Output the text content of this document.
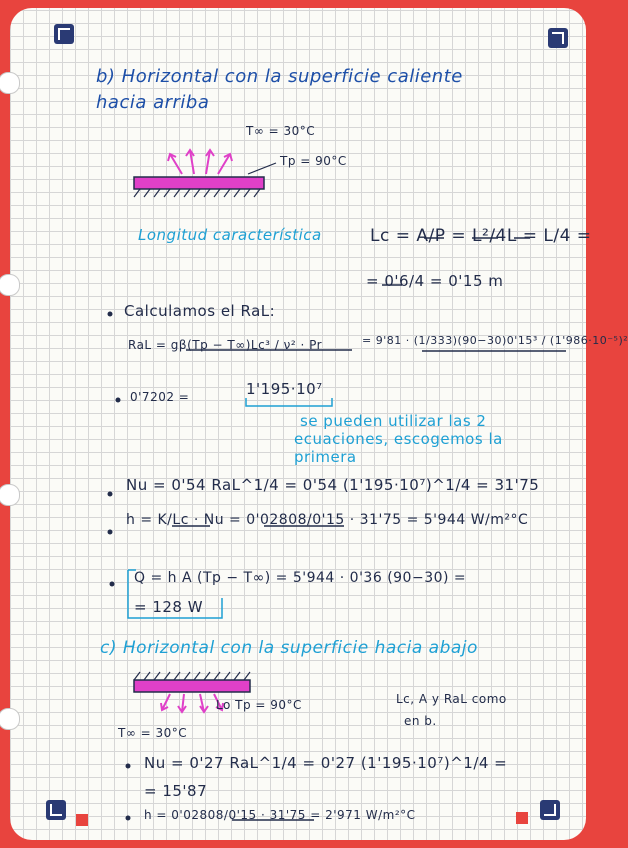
b) Horizontal con la superficie caliente
hacia arriba
T∞ = 30°C
Tp = 90°C
Longitud característica	Lc = A/P = L²/4L = L/4 =
= 0'6/4 = 0'15 m
Calculamos el RaL:
RaL = gβ(Tp − T∞)Lc³ / ν² · Pr	= 9'81 · (1/333)(90−30)0'15³ / (1'986·10⁻⁵)²
0'7202 =	1'195·10⁷
se pueden utilizar las 2
ecuaciones, escogemos la
primera
Nu = 0'54 RaL^1/4 = 0'54 (1'195·10⁷)^1/4 = 31'75
h = K/Lc · Nu = 0'02808/0'15 · 31'75 = 5'944 W/m²°C
Q = h A (Tp − T∞) = 5'944 · 0'36 (90−30) =
= 128 W
c) Horizontal con la superficie hacia abajo
Lo Tp = 90°C
T∞ = 30°C
Lc, A y RaL como
en b.
Nu = 0'27 RaL^1/4 = 0'27 (1'195·10⁷)^1/4 =
= 15'87
h = 0'02808/0'15 · 31'75 = 2'971 W/m²°C
